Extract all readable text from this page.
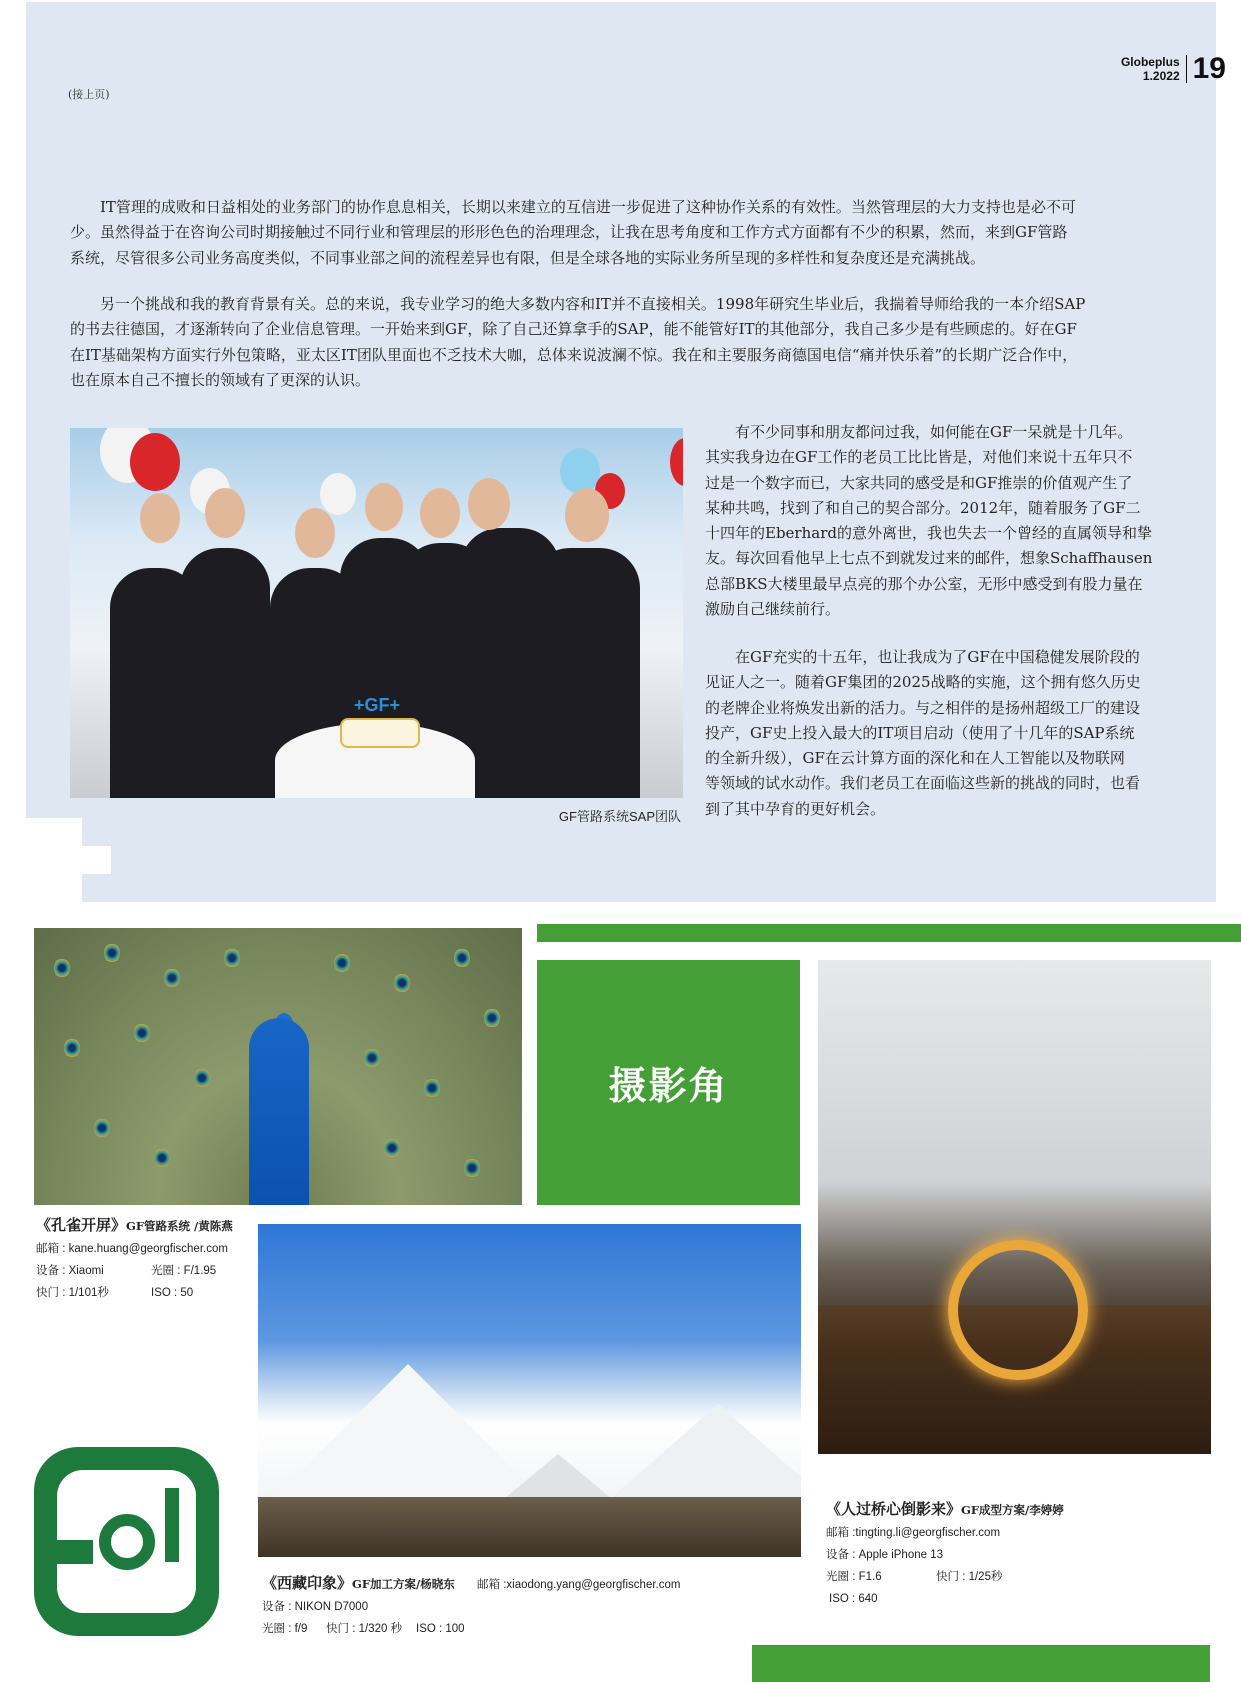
Globeplus
1.2022 19
(接上页)
IT管理的成败和日益相处的业务部门的协作息息相关，长期以来建立的互信进一步促进了这种协作关系的有效性。当然管理层的大力支持也是必不可
少。虽然得益于在咨询公司时期接触过不同行业和管理层的形形色色的治理理念，让我在思考角度和工作方式方面都有不少的积累，然而，来到GF管路
系统，尽管很多公司业务高度类似，不同事业部之间的流程差异也有限，但是全球各地的实际业务所呈现的多样性和复杂度还是充满挑战。
另一个挑战和我的教育背景有关。总的来说，我专业学习的绝大多数内容和IT并不直接相关。1998年研究生毕业后，我揣着导师给我的一本介绍SAP
的书去往德国，才逐渐转向了企业信息管理。一开始来到GF，除了自己还算拿手的SAP，能不能管好IT的其他部分，我自己多少是有些顾虑的。好在GF
在IT基础架构方面实行外包策略，亚太区IT团队里面也不乏技术大咖，总体来说波澜不惊。我在和主要服务商德国电信“痛并快乐着”的长期广泛合作中，
也在原本自己不擅长的领域有了更深的认识。
+GF+
GF管路系统SAP团队
有不少同事和朋友都问过我，如何能在GF一呆就是十几年。
其实我身边在GF工作的老员工比比皆是，对他们来说十五年只不
过是一个数字而已，大家共同的感受是和GF推崇的价值观产生了
某种共鸣，找到了和自己的契合部分。2012年，随着服务了GF二
十四年的Eberhard的意外离世，我也失去一个曾经的直属领导和挚
友。每次回看他早上七点不到就发过来的邮件，想象Schaffhausen
总部BKS大楼里最早点亮的那个办公室，无形中感受到有股力量在
激励自己继续前行。
在GF充实的十五年，也让我成为了GF在中国稳健发展阶段的
见证人之一。随着GF集团的2025战略的实施，这个拥有悠久历史
的老牌企业将焕发出新的活力。与之相伴的是扬州超级工厂的建设
投产，GF史上投入最大的IT项目启动（使用了十几年的SAP系统
的全新升级），GF在云计算方面的深化和在人工智能以及物联网
等领域的试水动作。我们老员工在面临这些新的挑战的同时，也看
到了其中孕育的更好机会。
摄影角
《孔雀开屏》GF管路系统 /黄陈燕
邮箱 : kane.huang@georgfischer.com
设备 : Xiaomi	光圈 : F/1.95
快门 : 1/101秒	ISO : 50
《西藏印象》GF加工方案/杨晓东 邮箱 :xiaodong.yang@georgfischer.com
设备 : NIKON D7000
光圈 : f/9 快门 : 1/320 秒 ISO : 100
《人过桥心倒影来》GF成型方案/李婷婷
邮箱 :tingting.li@georgfischer.com
设备 : Apple iPhone 13
光圈 : F1.6	快门 : 1/25秒
ISO : 640
